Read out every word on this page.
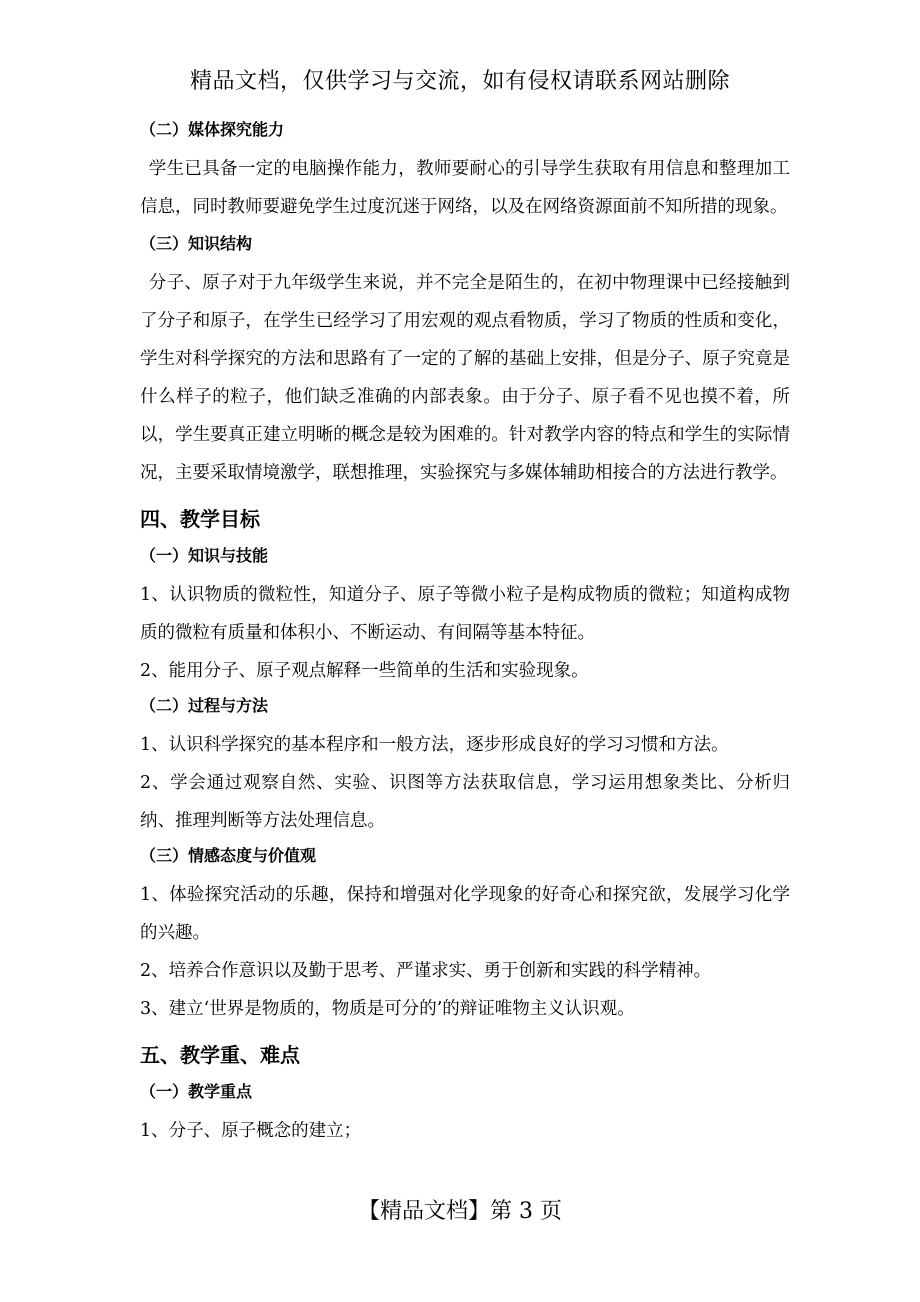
精品文档，仅供学习与交流，如有侵权请联系网站删除
（二）媒体探究能力

学生已具备一定的电脑操作能力，教师要耐心的引导学生获取有用信息和整理加工信息，同时教师要避免学生过度沉迷于网络，以及在网络资源面前不知所措的现象。

（三）知识结构

分子、原子对于九年级学生来说，并不完全是陌生的，在初中物理课中已经接触到了分子和原子，在学生已经学习了用宏观的观点看物质，学习了物质的性质和变化，学生对科学探究的方法和思路有了一定的了解的基础上安排，但是分子、原子究竟是什么样子的粒子，他们缺乏准确的内部表象。由于分子、原子看不见也摸不着，所以，学生要真正建立明晰的概念是较为困难的。针对教学内容的特点和学生的实际情况，主要采取情境激学，联想推理，实验探究与多媒体辅助相接合的方法进行教学。

四、教学目标
（一）知识与技能

1、认识物质的微粒性，知道分子、原子等微小粒子是构成物质的微粒；知道构成物质的微粒有质量和体积小、不断运动、有间隔等基本特征。

2、能用分子、原子观点解释一些简单的生活和实验现象。

（二）过程与方法

1、认识科学探究的基本程序和一般方法，逐步形成良好的学习习惯和方法。

2、学会通过观察自然、实验、识图等方法获取信息，学习运用想象类比、分析归纳、推理判断等方法处理信息。

（三）情感态度与价值观

1、体验探究活动的乐趣，保持和增强对化学现象的好奇心和探究欲，发展学习化学的兴趣。

2、培养合作意识以及勤于思考、严谨求实、勇于创新和实践的科学精神。

3、建立‘世界是物质的，物质是可分的’的辩证唯物主义认识观。

五、教学重、难点
（一）教学重点

1、分子、原子概念的建立；

【精品文档】第 3 页
